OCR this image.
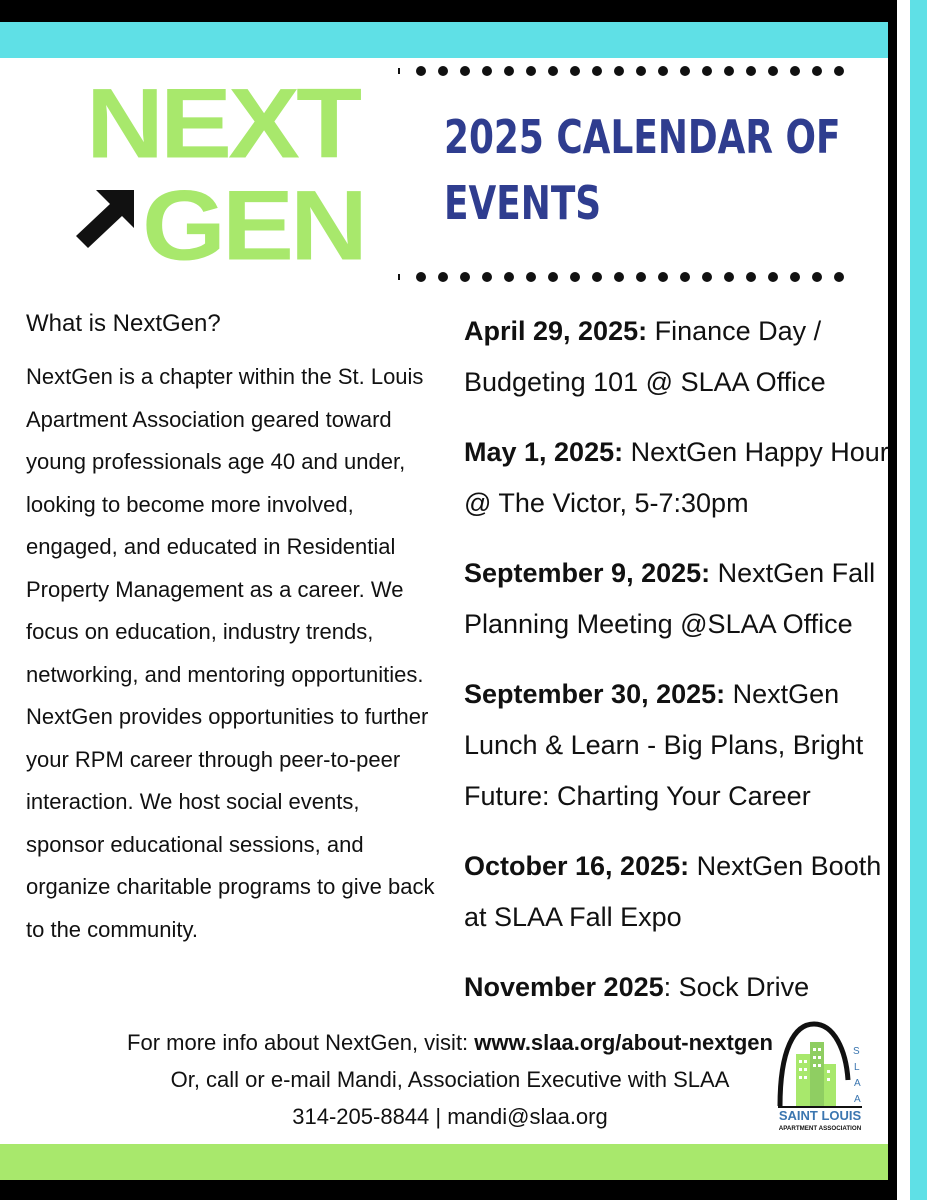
NEXT
GEN
2025 CALENDAR OF EVENTS
What is NextGen?

NextGen is a chapter within the St. Louis Apartment Association geared toward young professionals age 40 and under, looking to become more involved, engaged, and educated in Residential Property Management as a career. We focus on education, industry trends, networking, and mentoring opportunities.

NextGen provides opportunities to further your RPM career through peer-to-peer interaction. We host social events, sponsor educational sessions, and organize charitable programs to give back to the community.

April 29, 2025: Finance Day / Budgeting 101 @ SLAA Office

May 1, 2025: NextGen Happy Hour @ The Victor, 5-7:30pm

September 9, 2025: NextGen Fall Planning Meeting @SLAA Office

September 30, 2025: NextGen Lunch & Learn - Big Plans, Bright Future: Charting Your Career

October 16, 2025: NextGen Booth at SLAA Fall Expo

November 2025: Sock Drive

For more info about NextGen, visit: www.slaa.org/about-nextgen
Or, call or e-mail Mandi, Association Executive with SLAA
314-205-8844 | mandi@slaa.org
S
L
A
A
SAINT LOUIS
APARTMENT ASSOCIATION
